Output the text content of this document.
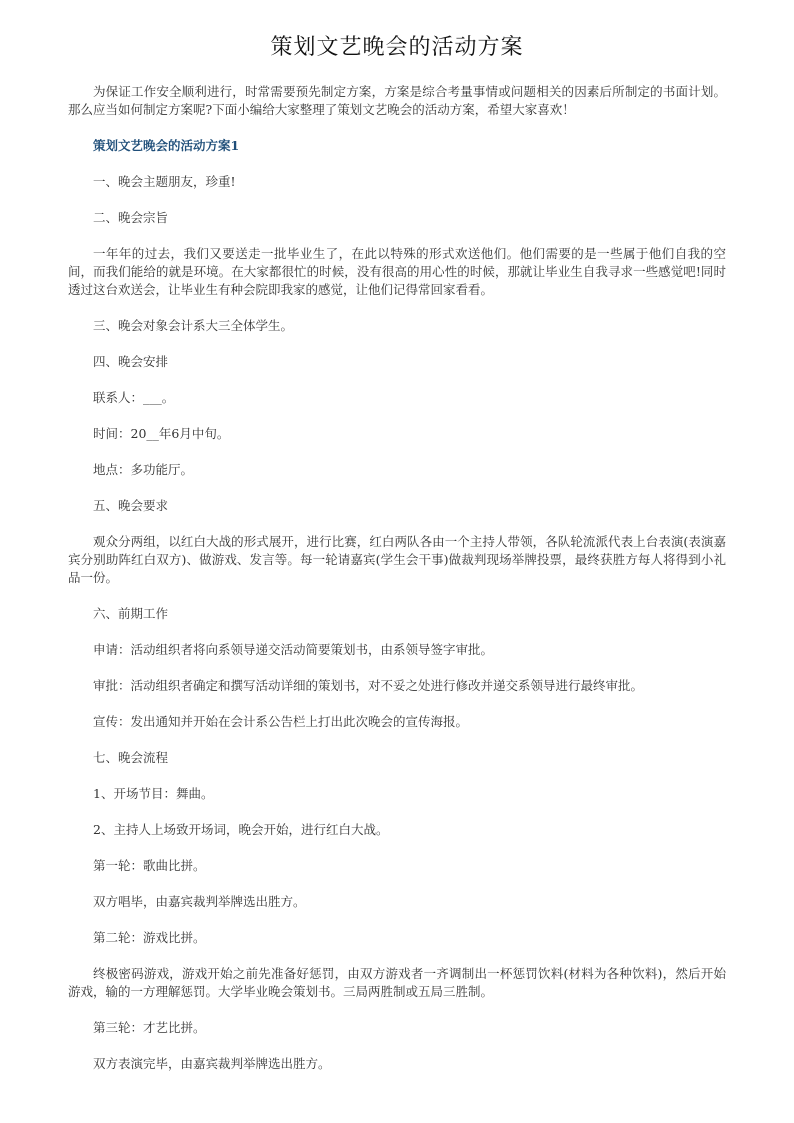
策划文艺晚会的活动方案

为保证工作安全顺利进行，时常需要预先制定方案，方案是综合考量事情或问题相关的因素后所制定的书面计划。那么应当如何制定方案呢?下面小编给大家整理了策划文艺晚会的活动方案，希望大家喜欢！

策划文艺晚会的活动方案1

一、晚会主题朋友，珍重!

二、晚会宗旨

一年年的过去，我们又要送走一批毕业生了，在此以特殊的形式欢送他们。他们需要的是一些属于他们自我的空间，而我们能给的就是环境。在大家都很忙的时候，没有很高的用心性的时候，那就让毕业生自我寻求一些感觉吧!同时透过这台欢送会，让毕业生有种会院即我家的感觉，让他们记得常回家看看。

三、晚会对象会计系大三全体学生。

四、晚会安排

联系人：___。

时间：20__年6月中旬。

地点：多功能厅。

五、晚会要求

观众分两组，以红白大战的形式展开，进行比赛，红白两队各由一个主持人带领，各队轮流派代表上台表演(表演嘉宾分别助阵红白双方)、做游戏、发言等。每一轮请嘉宾(学生会干事)做裁判现场举牌投票，最终获胜方每人将得到小礼品一份。

六、前期工作

申请：活动组织者将向系领导递交活动简要策划书，由系领导签字审批。

审批：活动组织者确定和撰写活动详细的策划书，对不妥之处进行修改并递交系领导进行最终审批。

宣传：发出通知并开始在会计系公告栏上打出此次晚会的宣传海报。

七、晚会流程

1、开场节目：舞曲。

2、主持人上场致开场词，晚会开始，进行红白大战。

第一轮：歌曲比拼。

双方唱毕，由嘉宾裁判举牌选出胜方。

第二轮：游戏比拼。

终极密码游戏，游戏开始之前先准备好惩罚，由双方游戏者一齐调制出一杯惩罚饮料(材料为各种饮料)，然后开始游戏，输的一方理解惩罚。大学毕业晚会策划书。三局两胜制或五局三胜制。

第三轮：才艺比拼。

双方表演完毕，由嘉宾裁判举牌选出胜方。
